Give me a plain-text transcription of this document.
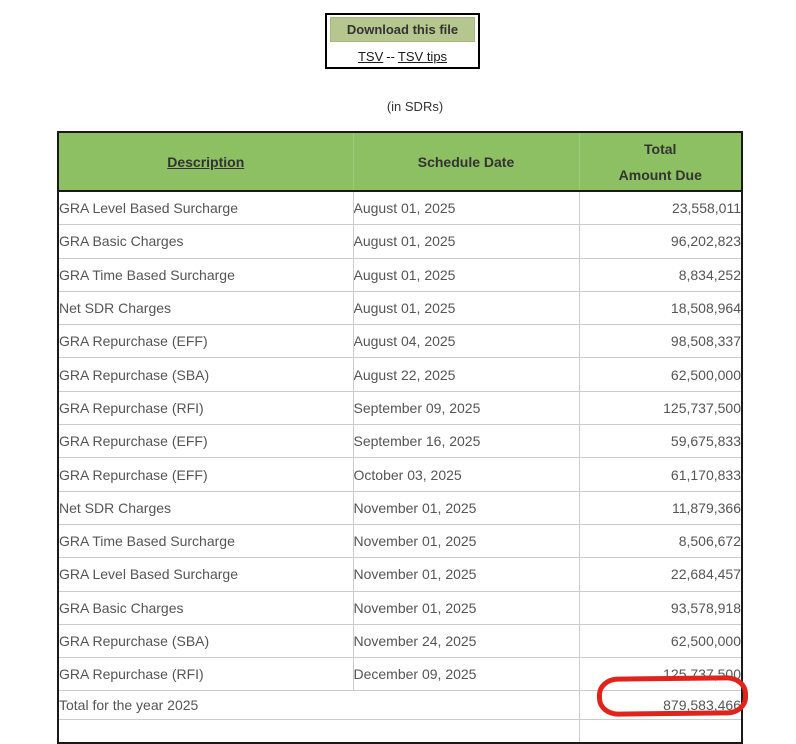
Download this file
TSV -- TSV tips
(in SDRs)
Description	Schedule Date	Total
Amount Due

GRA Level Based Surcharge	August 01, 2025	23,558,011
GRA Basic Charges	August 01, 2025	96,202,823
GRA Time Based Surcharge	August 01, 2025	8,834,252
Net SDR Charges	August 01, 2025	18,508,964
GRA Repurchase (EFF)	August 04, 2025	98,508,337
GRA Repurchase (SBA)	August 22, 2025	62,500,000
GRA Repurchase (RFI)	September 09, 2025	125,737,500
GRA Repurchase (EFF)	September 16, 2025	59,675,833
GRA Repurchase (EFF)	October 03, 2025	61,170,833
Net SDR Charges	November 01, 2025	11,879,366
GRA Time Based Surcharge	November 01, 2025	8,506,672
GRA Level Based Surcharge	November 01, 2025	22,684,457
GRA Basic Charges	November 01, 2025	93,578,918
GRA Repurchase (SBA)	November 24, 2025	62,500,000
GRA Repurchase (RFI)	December 09, 2025	125,737,500
Total for the year 2025		879,583,466
